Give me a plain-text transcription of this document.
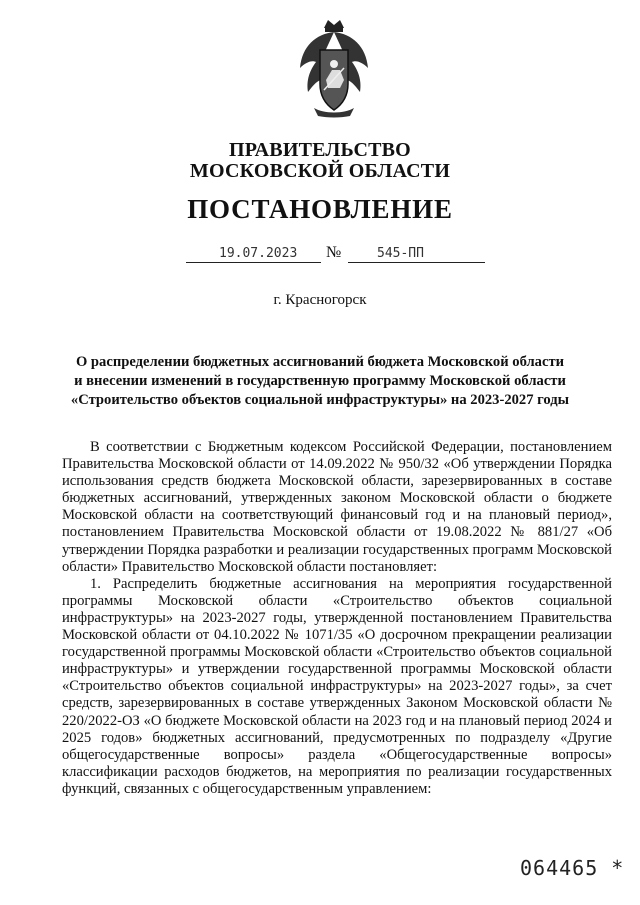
ПРАВИТЕЛЬСТВО
МОСКОВСКОЙ ОБЛАСТИ
ПОСТАНОВЛЕНИЕ
19.07.2023 №	545-ПП
г. Красногорск
О распределении бюджетных ассигнований бюджета Московской области
и внесении изменений в государственную программу Московской области
«Строительство объектов социальной инфраструктуры» на 2023-2027 годы

В соответствии с Бюджетным кодексом Российской Федерации, постановлением Правительства Московской области от 14.09.2022 № 950/32 «Об утверждении Порядка использования средств бюджета Московской области, зарезервированных в составе бюджетных ассигнований, утвержденных законом Московской области о бюджете Московской области на соответствующий финансовый год и на плановый период», постановлением Правительства Московской области от 19.08.2022 № 881/27 «Об утверждении Порядка разработки и реализации государственных программ Московской области» Правительство Московской области постановляет:

1. Распределить бюджетные ассигнования на мероприятия государственной программы Московской области «Строительство объектов социальной инфраструктуры» на 2023-2027 годы, утвержденной постановлением Правительства Московской области от 04.10.2022 № 1071/35 «О досрочном прекращении реализации государственной программы Московской области «Строительство объектов социальной инфраструктуры» и утверждении государственной программы Московской области «Строительство объектов социальной инфраструктуры» на 2023-2027 годы», за счет средств, зарезервированных в составе утвержденных Законом Московской области № 220/2022-ОЗ «О бюджете Московской области на 2023 год и на плановый период 2024 и 2025 годов» бюджетных ассигнований, предусмотренных по подразделу «Другие общегосударственные вопросы» раздела «Общегосударственные вопросы» классификации расходов бюджетов, на мероприятия по реализации государственных функций, связанных с общегосударственным управлением:

064465 *
